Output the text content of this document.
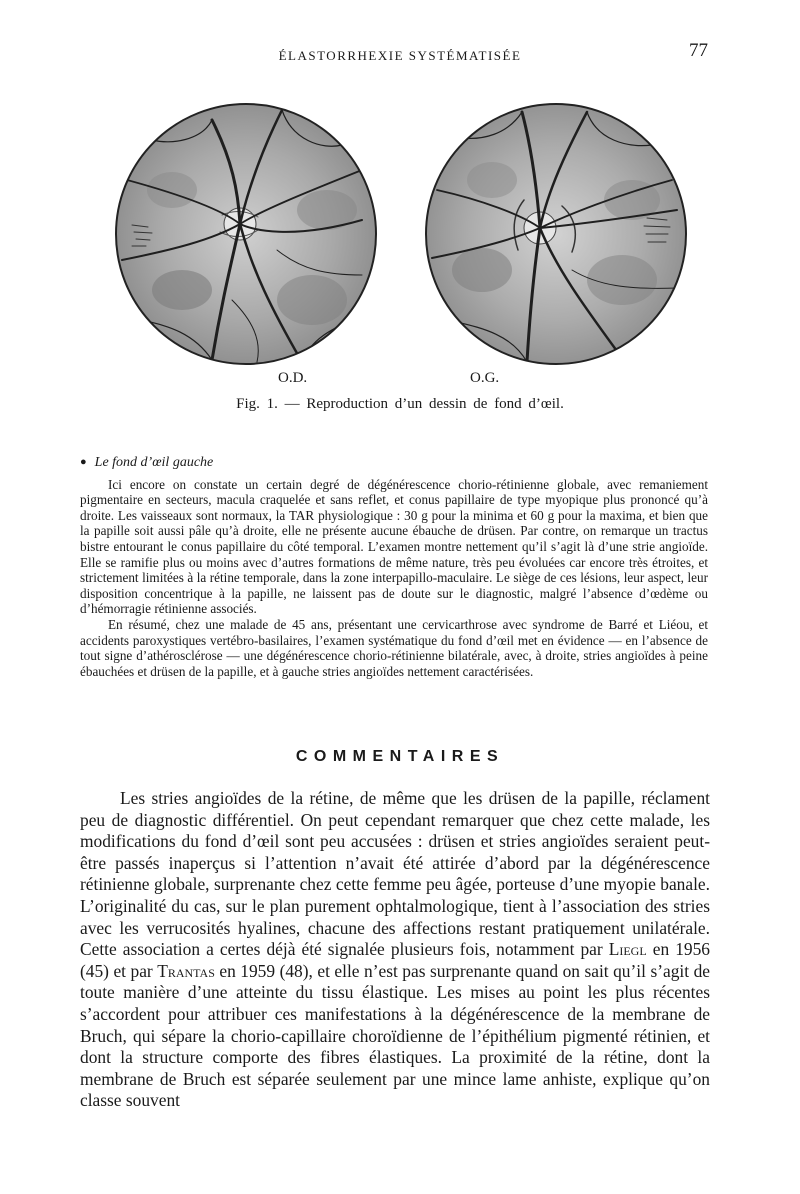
ÉLASTORRHEXIE SYSTÉMATISÉE	77
O.D.	O.G.
Fig. 1. — Reproduction d’un dessin de fond d’œil.
● Le fond d’œil gauche

Ici encore on constate un certain degré de dégénérescence chorio-rétinienne globale, avec remaniement pigmentaire en secteurs, macula craquelée et sans reflet, et conus papillaire de type myopique plus prononcé qu’à droite. Les vaisseaux sont normaux, la TAR physiologique : 30 g pour la minima et 60 g pour la maxima, et bien que la papille soit aussi pâle qu’à droite, elle ne présente aucune ébauche de drüsen. Par contre, on remarque un tractus bistre entourant le conus papillaire du côté temporal. L’examen montre nettement qu’il s’agit là d’une strie angioïde. Elle se ramifie plus ou moins avec d’autres formations de même nature, très peu évoluées car encore très étroites, et strictement limitées à la rétine temporale, dans la zone interpapillo-maculaire. Le siège de ces lésions, leur aspect, leur disposition concentrique à la papille, ne laissent pas de doute sur le diagnostic, malgré l’absence d’œdème ou d’hémorragie rétinienne associés.

En résumé, chez une malade de 45 ans, présentant une cervicarthrose avec syndrome de Barré et Liéou, et accidents paroxystiques vertébro-basilaires, l’examen systématique du fond d’œil met en évidence — en l’absence de tout signe d’athérosclérose — une dégénérescence chorio-rétinienne bilatérale, avec, à droite, stries angioïdes à peine ébauchées et drüsen de la papille, et à gauche stries angioïdes nettement caractérisées.

COMMENTAIRES

Les stries angioïdes de la rétine, de même que les drüsen de la papille, réclament peu de diagnostic différentiel. On peut cependant remarquer que chez cette malade, les modifications du fond d’œil sont peu accusées : drüsen et stries angioïdes seraient peut-être passés inaperçus si l’attention n’avait été attirée d’abord par la dégénérescence rétinienne globale, surprenante chez cette femme peu âgée, porteuse d’une myopie banale. L’originalité du cas, sur le plan purement ophtalmologique, tient à l’association des stries avec les verrucosités hyalines, chacune des affections restant pratiquement unilatérale. Cette association a certes déjà été signalée plusieurs fois, notamment par Liegl en 1956 (45) et par Trantas en 1959 (48), et elle n’est pas surprenante quand on sait qu’il s’agit de toute manière d’une atteinte du tissu élastique. Les mises au point les plus récentes s’accordent pour attribuer ces manifestations à la dégénérescence de la membrane de Bruch, qui sépare la chorio-capillaire choroïdienne de l’épithélium pigmenté rétinien, et dont la structure comporte des fibres élastiques. La proximité de la rétine, dont la membrane de Bruch est séparée seulement par une mince lame anhiste, explique qu’on classe souvent
